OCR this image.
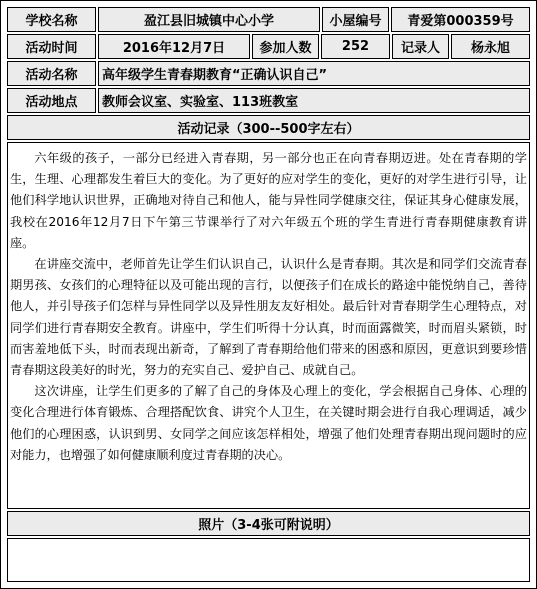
学校名称	盈江县旧城镇中心小学	小屋编号	青爱第000359号
活动时间	2016年12月7日	参加人数	252	记录人	杨永旭
活动名称	高年级学生青春期教育“正确认识自己”
活动地点	教师会议室、实验室、113班教室
活动记录（300--500字左右）

六年级的孩子，一部分已经进入青春期，另一部分也正在向青春期迈进。处在青春期的学生，生理、心理都发生着巨大的变化。为了更好的应对学生的变化，更好的对学生进行引导，让他们科学地认识世界，正确地对待自己和他人，能与异性同学健康交往，保证其身心健康发展，我校在2016年12月7日下午第三节课举行了对六年级五个班的学生青进行青春期健康教育讲座。

在讲座交流中，老师首先让学生们认识自己，认识什么是青春期。其次是和同学们交流青春期男孩、女孩们的心理特征以及可能出现的言行，以便孩子们在成长的路途中能悦纳自己，善待他人，并引导孩子们怎样与异性同学以及异性朋友友好相处。最后针对青春期学生心理特点，对同学们进行青春期安全教育。讲座中，学生们听得十分认真，时而面露微笑，时而眉头紧锁，时而害羞地低下头，时而表现出新奇，了解到了青春期给他们带来的困惑和原因，更意识到要珍惜青春期这段美好的时光，努力的充实自己、爱护自己、成就自己。

这次讲座，让学生们更多的了解了自己的身体及心理上的变化，学会根据自己身体、心理的变化合理进行体育锻炼、合理搭配饮食、讲究个人卫生，在关键时期会进行自我心理调适，减少他们的心理困惑，认识到男、女同学之间应该怎样相处，增强了他们处理青春期出现问题时的应对能力，也增强了如何健康顺利度过青春期的决心。

照片（3-4张可附说明）
